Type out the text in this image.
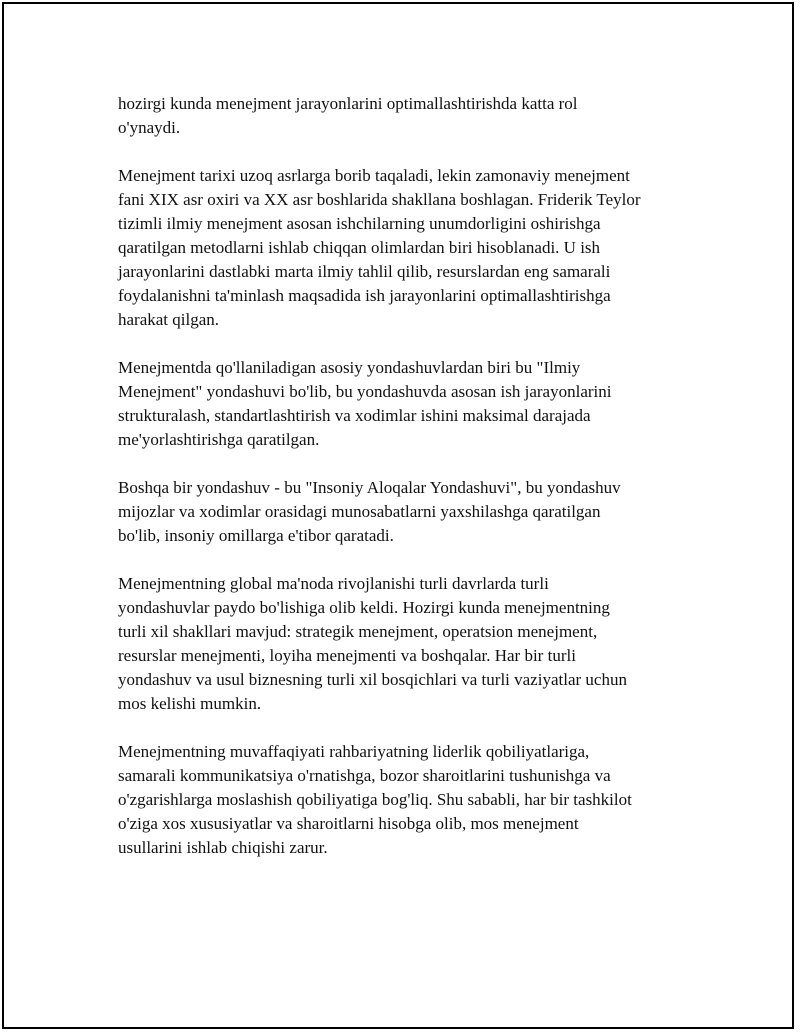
hozirgi kunda menejment jarayonlarini optimallashtirishda katta rol
o'ynaydi.

Menejment tarixi uzoq asrlarga borib taqaladi, lekin zamonaviy menejment
fani XIX asr oxiri va XX asr boshlarida shakllana boshlagan. Friderik Teylor
tizimli ilmiy menejment asosan ishchilarning unumdorligini oshirishga
qaratilgan metodlarni ishlab chiqqan olimlardan biri hisoblanadi. U ish
jarayonlarini dastlabki marta ilmiy tahlil qilib, resurslardan eng samarali
foydalanishni ta'minlash maqsadida ish jarayonlarini optimallashtirishga
harakat qilgan.

Menejmentda qo'llaniladigan asosiy yondashuvlardan biri bu "Ilmiy
Menejment" yondashuvi bo'lib, bu yondashuvda asosan ish jarayonlarini
strukturalash, standartlashtirish va xodimlar ishini maksimal darajada
me'yorlashtirishga qaratilgan.

Boshqa bir yondashuv - bu "Insoniy Aloqalar Yondashuvi", bu yondashuv
mijozlar va xodimlar orasidagi munosabatlarni yaxshilashga qaratilgan
bo'lib, insoniy omillarga e'tibor qaratadi.

Menejmentning global ma'noda rivojlanishi turli davrlarda turli
yondashuvlar paydo bo'lishiga olib keldi. Hozirgi kunda menejmentning
turli xil shakllari mavjud: strategik menejment, operatsion menejment,
resurslar menejmenti, loyiha menejmenti va boshqalar. Har bir turli
yondashuv va usul biznesning turli xil bosqichlari va turli vaziyatlar uchun
mos kelishi mumkin.

Menejmentning muvaffaqiyati rahbariyatning liderlik qobiliyatlariga,
samarali kommunikatsiya o'rnatishga, bozor sharoitlarini tushunishga va
o'zgarishlarga moslashish qobiliyatiga bog'liq. Shu sababli, har bir tashkilot
o'ziga xos xususiyatlar va sharoitlarni hisobga olib, mos menejment
usullarini ishlab chiqishi zarur.
